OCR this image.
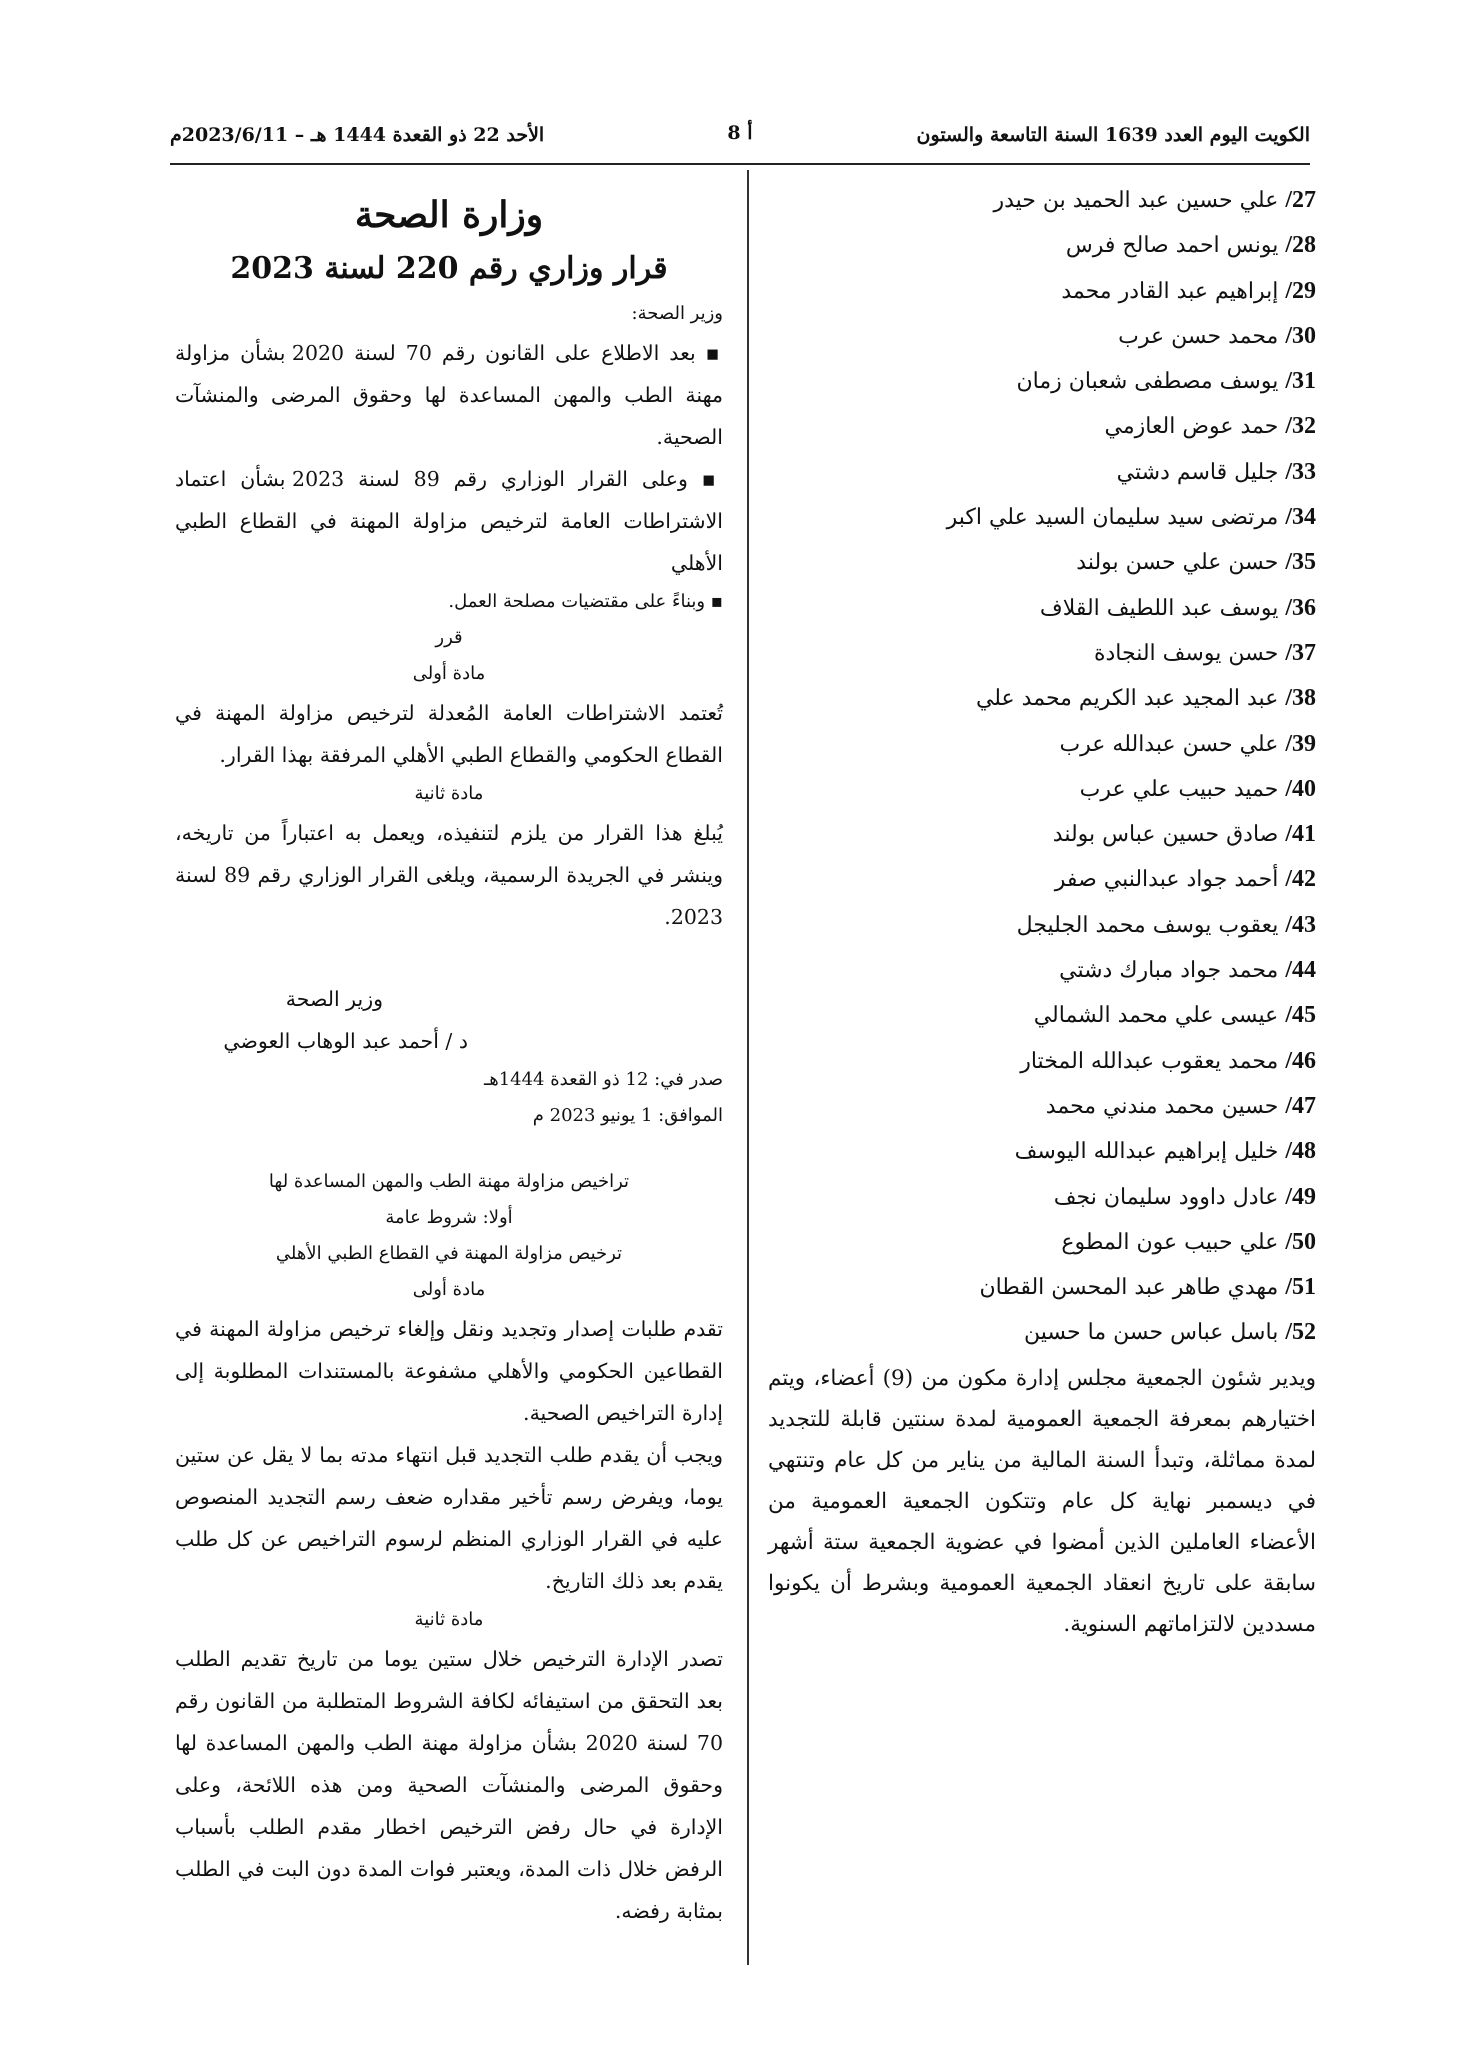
الكويت اليوم العدد 1639 السنة التاسعة والستون
أ 8
الأحد 22 ذو القعدة 1444 هـ – 2023/6/11م
27/ علي حسين عبد الحميد بن حيدر
28/ يونس احمد صالح فرس
29/ إبراهيم عبد القادر محمد
30/ محمد حسن عرب
31/ يوسف مصطفى شعبان زمان
32/ حمد عوض العازمي
33/ جليل قاسم دشتي
34/ مرتضى سيد سليمان السيد علي اكبر
35/ حسن علي حسن بولند
36/ يوسف عبد اللطيف القلاف
37/ حسن يوسف النجادة
38/ عبد المجيد عبد الكريم محمد علي
39/ علي حسن عبدالله عرب
40/ حميد حبيب علي عرب
41/ صادق حسين عباس بولند
42/ أحمد جواد عبدالنبي صفر
43/ يعقوب يوسف محمد الجليجل
44/ محمد جواد مبارك دشتي
45/ عيسى علي محمد الشمالي
46/ محمد يعقوب عبدالله المختار
47/ حسين محمد مندني محمد
48/ خليل إبراهيم عبدالله اليوسف
49/ عادل داوود سليمان نجف
50/ علي حبيب عون المطوع
51/ مهدي طاهر عبد المحسن القطان
52/ باسل عباس حسن ما حسين

ويدير شئون الجمعية مجلس إدارة مكون من (9) أعضاء، ويتم اختيارهم بمعرفة الجمعية العمومية لمدة سنتين قابلة للتجديد لمدة مماثلة، وتبدأ السنة المالية من يناير من كل عام وتنتهي في ديسمبر نهاية كل عام وتتكون الجمعية العمومية من الأعضاء العاملين الذين أمضوا في عضوية الجمعية ستة أشهر سابقة على تاريخ انعقاد الجمعية العمومية وبشرط أن يكونوا مسددين لالتزاماتهم السنوية.

وزارة الصحة

قرار وزاري رقم 220 لسنة 2023

وزير الصحة:

▪ بعد الاطلاع على القانون رقم 70 لسنة 2020 بشأن مزاولة مهنة الطب والمهن المساعدة لها وحقوق المرضى والمنشآت الصحية.

▪ وعلى القرار الوزاري رقم 89 لسنة 2023 بشأن اعتماد الاشتراطات العامة لترخيص مزاولة المهنة في القطاع الطبي الأهلي

▪ وبناءً على مقتضيات مصلحة العمل.

قرر

مادة أولى

تُعتمد الاشتراطات العامة المُعدلة لترخيص مزاولة المهنة في القطاع الحكومي والقطاع الطبي الأهلي المرفقة بهذا القرار.

مادة ثانية

يُبلغ هذا القرار من يلزم لتنفيذه، ويعمل به اعتباراً من تاريخه، وينشر في الجريدة الرسمية، ويلغى القرار الوزاري رقم 89 لسنة 2023.

وزير الصحة

د / أحمد عبد الوهاب العوضي

صدر في: 12 ذو القعدة 1444هـ

الموافق: 1 يونيو 2023 م

تراخيص مزاولة مهنة الطب والمهن المساعدة لها

أولا: شروط عامة

ترخيص مزاولة المهنة في القطاع الطبي الأهلي

مادة أولى

تقدم طلبات إصدار وتجديد ونقل وإلغاء ترخيص مزاولة المهنة في القطاعين الحكومي والأهلي مشفوعة بالمستندات المطلوبة إلى إدارة التراخيص الصحية.

ويجب أن يقدم طلب التجديد قبل انتهاء مدته بما لا يقل عن ستين يوما، ويفرض رسم تأخير مقداره ضعف رسم التجديد المنصوص عليه في القرار الوزاري المنظم لرسوم التراخيص عن كل طلب يقدم بعد ذلك التاريخ.

مادة ثانية

تصدر الإدارة الترخيص خلال ستين يوما من تاريخ تقديم الطلب بعد التحقق من استيفائه لكافة الشروط المتطلبة من القانون رقم 70 لسنة 2020 بشأن مزاولة مهنة الطب والمهن المساعدة لها وحقوق المرضى والمنشآت الصحية ومن هذه اللائحة، وعلى الإدارة في حال رفض الترخيص اخطار مقدم الطلب بأسباب الرفض خلال ذات المدة، ويعتبر فوات المدة دون البت في الطلب بمثابة رفضه.
